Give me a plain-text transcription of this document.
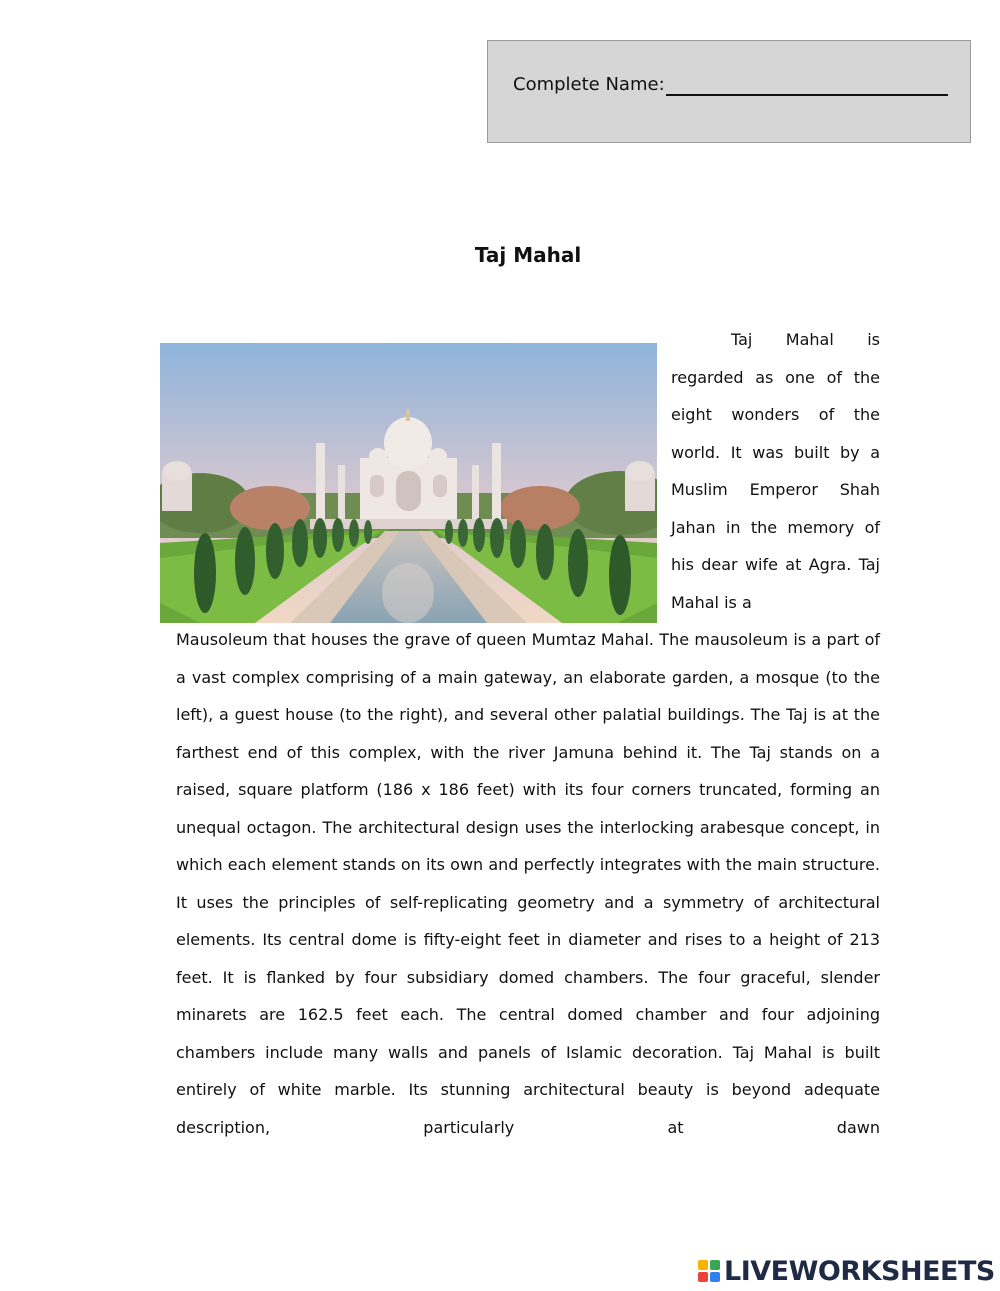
Complete Name:
Taj Mahal

Taj Mahal is regarded as one of the eight wonders of the world. It was built by a Muslim Emperor Shah Jahan in the memory of his dear wife at Agra. Taj Mahal is a

Mausoleum that houses the grave of queen Mumtaz Mahal. The mausoleum is a part of a vast complex comprising of a main gateway, an elaborate garden, a mosque (to the left), a guest house (to the right), and several other palatial buildings. The Taj is at the farthest end of this complex, with the river Jamuna behind it. The Taj stands on a raised, square platform (186 x 186 feet) with its four corners truncated, forming an unequal octagon. The architectural design uses the interlocking arabesque concept, in which each element stands on its own and perfectly integrates with the main structure. It uses the principles of self-replicating geometry and a symmetry of architectural elements. Its central dome is fifty-eight feet in diameter and rises to a height of 213 feet. It is flanked by four subsidiary domed chambers. The four graceful, slender minarets are 162.5 feet each. The central domed chamber and four adjoining chambers include many walls and panels of Islamic decoration. Taj Mahal is built entirely of white marble. Its stunning architectural beauty is beyond adequate description, particularly at dawn

LIVEWORKSHEETS
